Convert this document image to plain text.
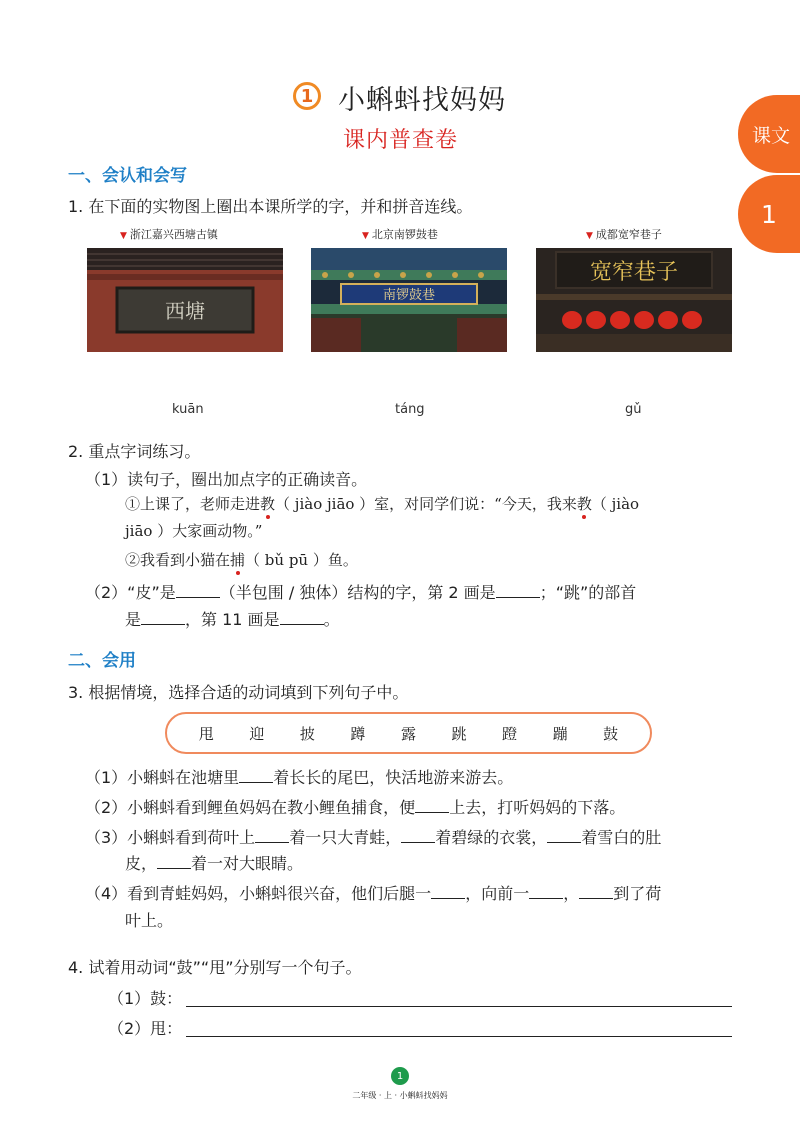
1 小蝌蚪找妈妈
课内普查卷	课文
1
一、会认和会写
1. 在下面的实物图上圈出本课所学的字，并和拼音连线。
▼ 浙江嘉兴西塘古镇	▼ 北京南锣鼓巷	▼ 成都宽窄巷子
西塘
南锣鼓巷
宽窄巷子
kuān	táng	gǔ
2. 重点字词练习。
（1）读句子，圈出加点字的正确读音。
①上课了，老师走进教（ jiào jiāo ）室，对同学们说：“今天，我来教（ jiào
jiāo ）大家画动物。”
②我看到小猫在捕（ bǔ pū ）鱼。
（2）“皮”是	（半包围 / 独体）结构的字，第 2 画是	；“跳”的部首
是	，第 11 画是	。
二、会用
3. 根据情境，选择合适的动词填到下列句子中。
甩 迎 披 蹲 露 跳 蹬 蹦 鼓
（1）小蝌蚪在池塘里 着长长的尾巴，快活地游来游去。
（2）小蝌蚪看到鲤鱼妈妈在教小鲤鱼捕食，便 上去，打听妈妈的下落。
（3）小蝌蚪看到荷叶上 着一只大青蛙， 着碧绿的衣裳， 着雪白的肚
皮， 着一对大眼睛。
（4）看到青蛙妈妈，小蝌蚪很兴奋，他们后腿一 ，向前一 ， 到了荷
叶上。
4. 试着用动词“鼓”“甩”分别写一个句子。
（1）鼓：
（2）甩：
1
二年级 · 上 · 小蝌蚪找妈妈
